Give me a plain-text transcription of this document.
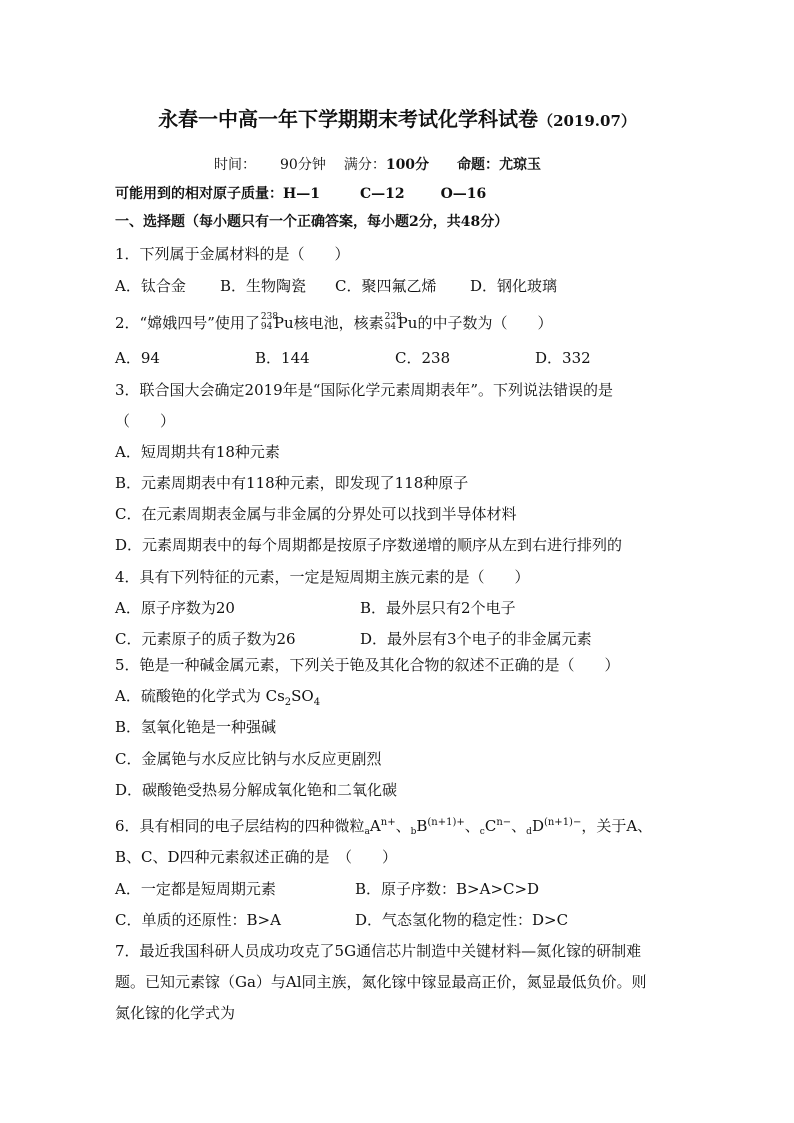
永春一中高一年下学期期末考试化学科试卷（2019.07）
时间： 90分钟 满分：100分 命题：尤琼玉
可能用到的相对原子质量：H—1	C—12	O—16
一、选择题（每小题只有一个正确答案，每小题2分，共48分）
1．下列属于金属材料的是（　　）
A．钛合金 B．生物陶瓷 C．聚四氟乙烯 D．钢化玻璃
2．“嫦娥四号”使用了 238
94 Pu核电池，核素 238
94 Pu的中子数为（　　）
A．94	B．144	C．238	D．332
3．联合国大会确定2019年是“国际化学元素周期表年”。下列说法错误的是
（　　）
A．短周期共有18种元素
B．元素周期表中有118种元素，即发现了118种原子
C．在元素周期表金属与非金属的分界处可以找到半导体材料
D．元素周期表中的每个周期都是按原子序数递增的顺序从左到右进行排列的
4．具有下列特征的元素，一定是短周期主族元素的是（　　）
A．原子序数为20	B．最外层只有2个电子
C．元素原子的质子数为26	D．最外层有3个电子的非金属元素
5．铯是一种碱金属元素，下列关于铯及其化合物的叙述不正确的是（　　）
A．硫酸铯的化学式为 $Cs_2SO_4$
B．氢氧化铯是一种强碱
C．金属铯与水反应比钠与水反应更剧烈
D．碳酸铯受热易分解成氧化铯和二氧化碳
6．具有相同的电子层结构的四种微粒$_aA^{n+}$、$_bB^{(n+1)+}$、$_cC^{n-}$、$_dD^{(n+1)-}$，关于A、
B、C、D四种元素叙述正确的是　（　　）
A．一定都是短周期元素	B．原子序数：B>A>C>D
C．单质的还原性：B>A	D．气态氢化物的稳定性：D>C
7．最近我国科研人员成功攻克了5G通信芯片制造中关键材料—氮化镓的研制难
题。已知元素镓（Ga）与Al同主族，氮化镓中镓显最高正价，氮显最低负价。则
氮化镓的化学式为
